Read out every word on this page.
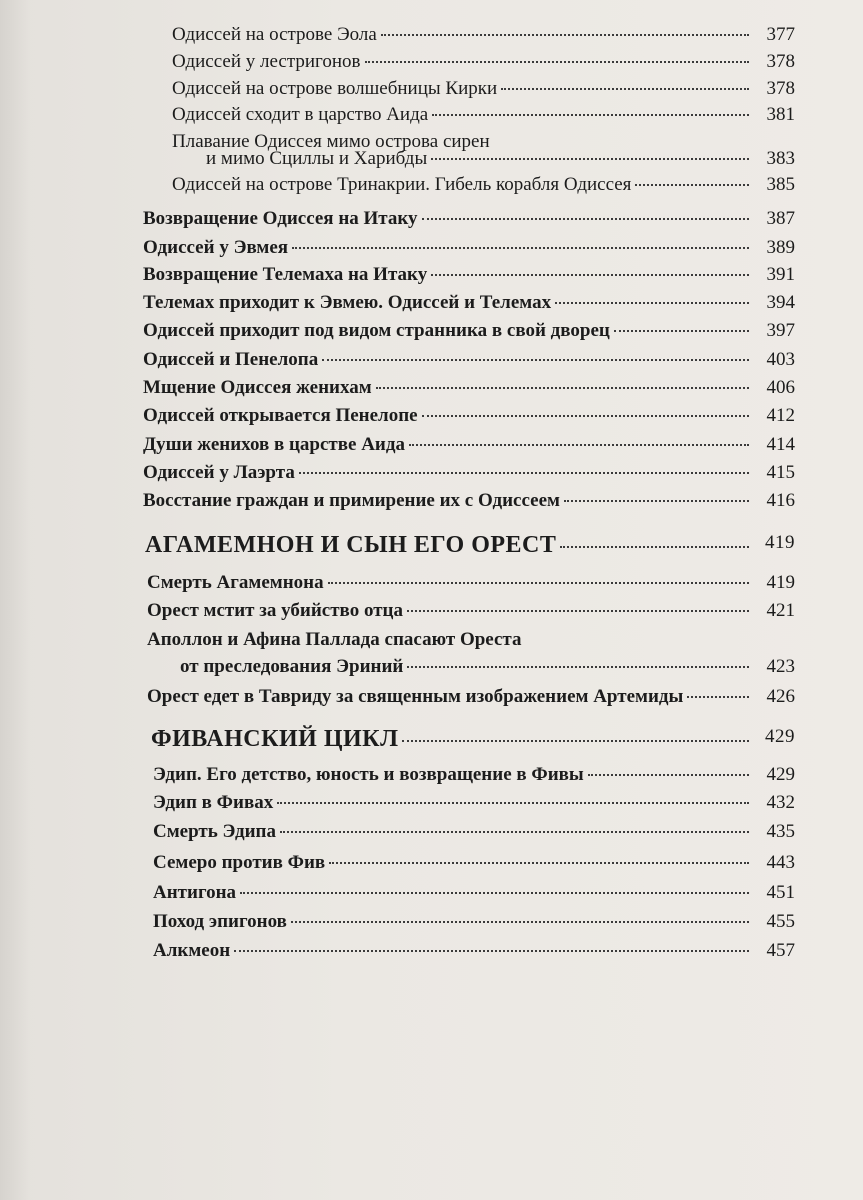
Одиссей на острове Эола	377
Одиссей у лестригонов	378
Одиссей на острове волшебницы Кирки	378
Одиссей сходит в царство Аида	381
Плавание Одиссея мимо острова сирен
и мимо Сциллы и Харибды	383
Одиссей на острове Тринакрии. Гибель корабля Одиссея	385
Возвращение Одиссея на Итаку	387
Одиссей у Эвмея	389
Возвращение Телемаха на Итаку	391
Телемах приходит к Эвмею. Одиссей и Телемах	394
Одиссей приходит под видом странника в свой дворец	397
Одиссей и Пенелопа	403
Мщение Одиссея женихам	406
Одиссей открывается Пенелопе	412
Души женихов в царстве Аида	414
Одиссей у Лаэрта	415
Восстание граждан и примирение их с Одиссеем	416
АГАМЕМНОН И СЫН ЕГО ОРЕСТ	419
Смерть Агамемнона	419
Орест мстит за убийство отца	421
Аполлон и Афина Паллада спасают Ореста
от преследования Эриний	423
Орест едет в Тавриду за священным изображением Артемиды	426
ФИВАНСКИЙ ЦИКЛ	429
Эдип. Его детство, юность и возвращение в Фивы	429
Эдип в Фивах	432
Смерть Эдипа	435
Семеро против Фив	443
Антигона	451
Поход эпигонов	455
Алкмеон	457
